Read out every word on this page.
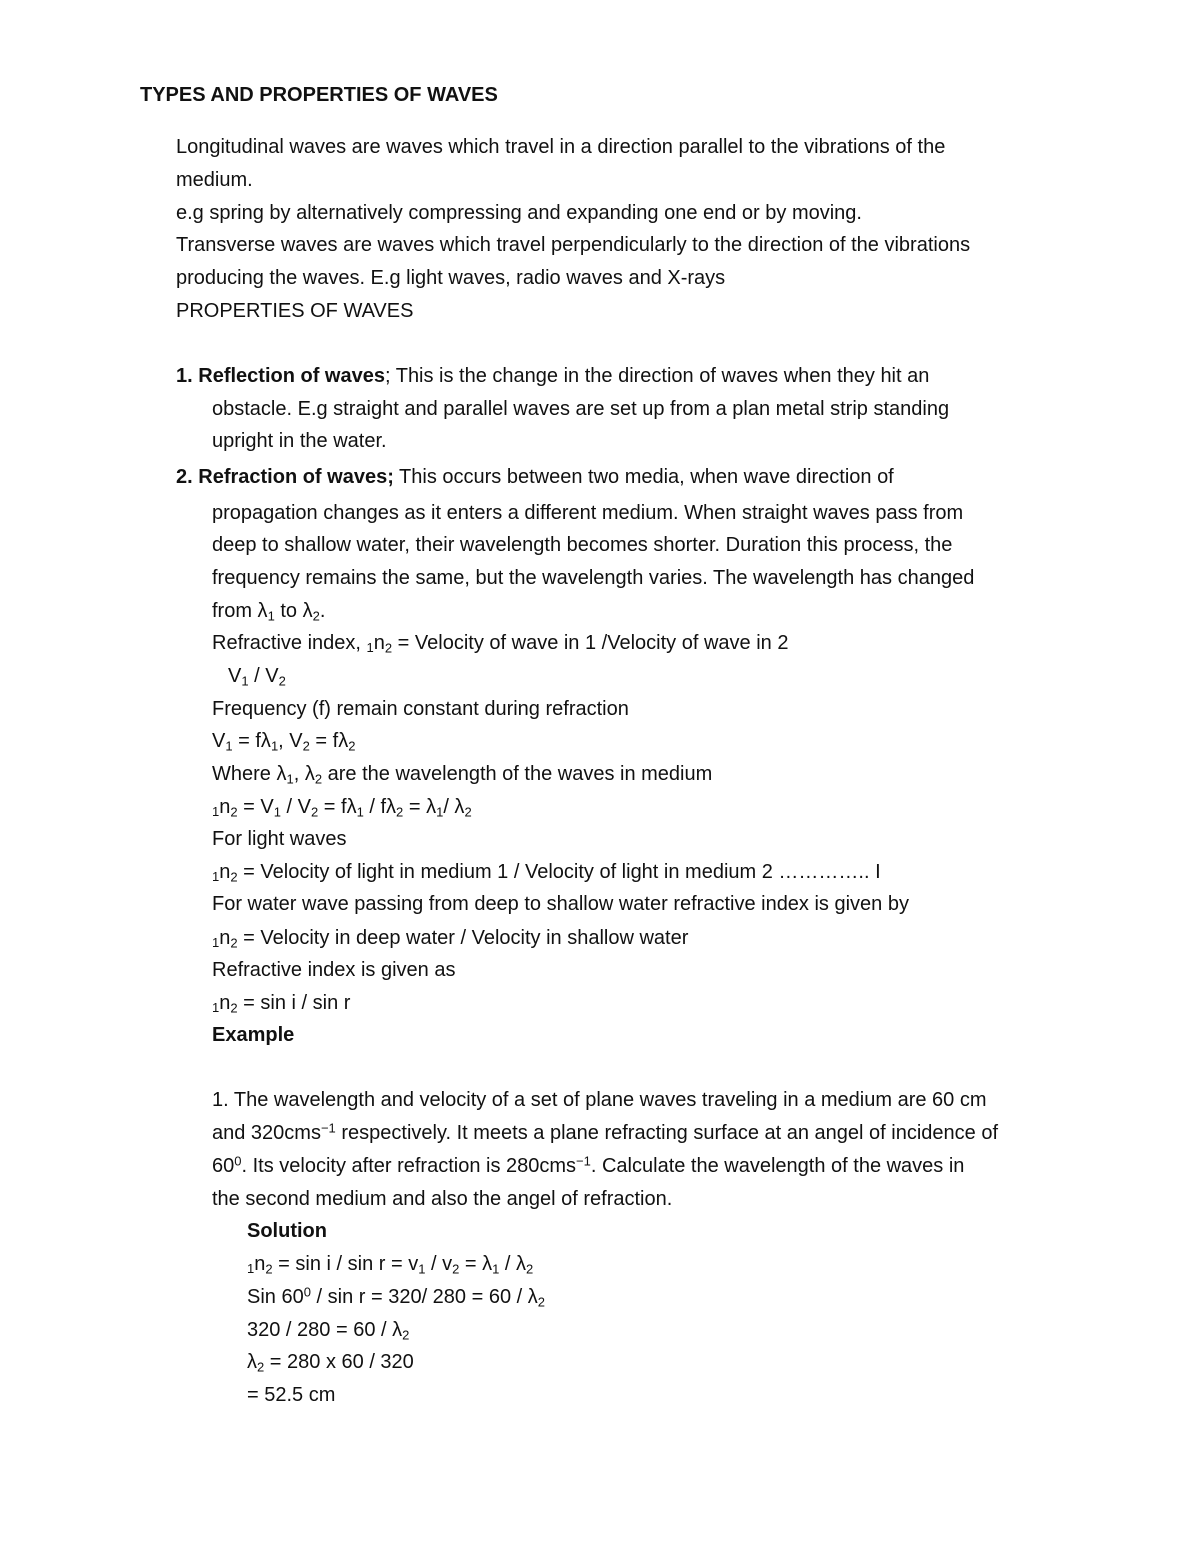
TYPES AND PROPERTIES OF WAVES

Longitudinal waves are waves which travel in a direction parallel to the vibrations of the

medium.

e.g spring by alternatively compressing and expanding one end or by moving.

Transverse waves are waves which travel perpendicularly to the direction of the vibrations

producing the waves. E.g light waves, radio waves and X-rays

PROPERTIES OF WAVES

1. Reflection of waves; This is the change in the direction of waves when they hit an

obstacle. E.g straight and parallel waves are set up from a plan metal strip standing

upright in the water.

2. Refraction of waves; This occurs between two media, when wave direction of

propagation changes as it enters a different medium. When straight waves pass from

deep to shallow water, their wavelength becomes shorter. Duration this process, the

frequency remains the same, but the wavelength varies. The wavelength has changed

from $\lambda_1$ to $\lambda_2$.

Refractive index, $1n_2$ = Velocity of wave in 1 /Velocity of wave in 2

$V_1 / V_2$

Frequency (f) remain constant during refraction

$V_1 = f\lambda_1$, $V_2 = f\lambda_2$

Where $\lambda_1$, $\lambda_2$ are the wavelength of the waves in medium

$1n_2 = V_1 / V_2 = f\lambda_1 / f\lambda_2 = \lambda_1/$ $\lambda_2$

For light waves

$1n_2$ = Velocity of light in medium 1 / Velocity of light in medium 2 ………….. I

For water wave passing from deep to shallow water refractive index is given by

$1n_2$ = Velocity in deep water / Velocity in shallow water

Refractive index is given as

$1n_2 = \sin i / \sin r$

Example

1. The wavelength and velocity of a set of plane waves traveling in a medium are 60 cm

and 320cms$^{-1}$ respectively. It meets a plane refracting surface at an angel of incidence of

$60^0$. Its velocity after refraction is 280cms$^{-1}$. Calculate the wavelength of the waves in

the second medium and also the angel of refraction.

Solution

$1n_2 = \sin i / \sin r = v_1 / v_2 = \lambda_1 / \lambda_2$

Sin $60^0 / \sin r = 320/$ $280 = 60 / \lambda_2$

$320 / 280 = 60 / \lambda_2$

$\lambda_2 = 280$ x 60 / 320

= 52.5 cm
